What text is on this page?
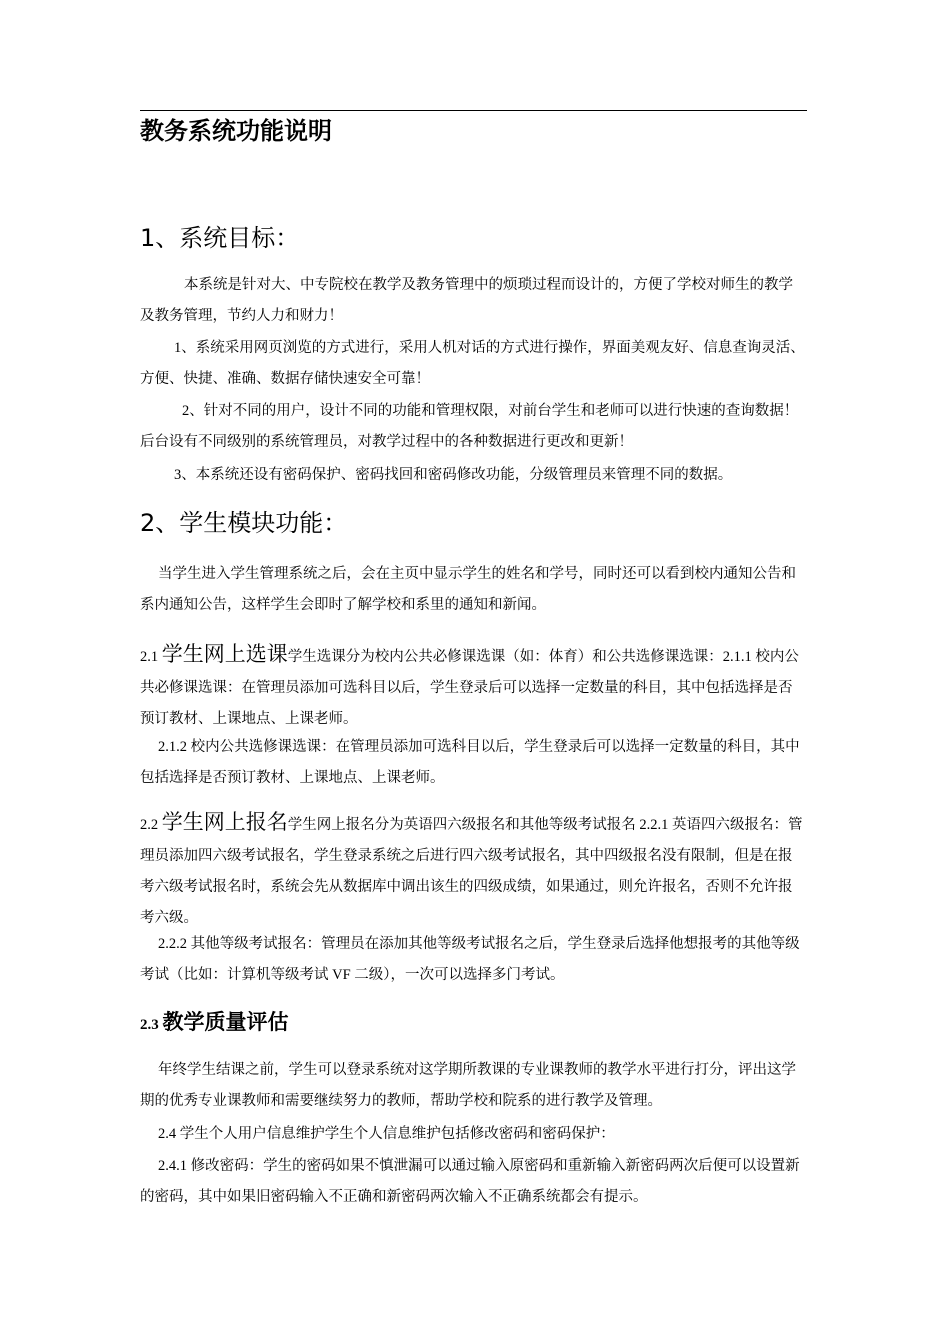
教务系统功能说明
1、系统目标：

本系统是针对大、中专院校在教学及教务管理中的烦琐过程而设计的，方便了学校对师生的教学及教务管理，节约人力和财力！

1、系统采用网页浏览的方式进行，采用人机对话的方式进行操作，界面美观友好、信息查询灵活、方便、快捷、准确、数据存储快速安全可靠！

2、针对不同的用户，设计不同的功能和管理权限，对前台学生和老师可以进行快速的查询数据！后台设有不同级别的系统管理员，对教学过程中的各种数据进行更改和更新！

3、本系统还设有密码保护、密码找回和密码修改功能，分级管理员来管理不同的数据。

2、学生模块功能：

当学生进入学生管理系统之后，会在主页中显示学生的姓名和学号，同时还可以看到校内通知公告和系内通知公告，这样学生会即时了解学校和系里的通知和新闻。

2.1 学生网上选课学生选课分为校内公共必修课选课（如：体育）和公共选修课选课：2.1.1 校内公共必修课选课：在管理员添加可选科目以后，学生登录后可以选择一定数量的科目，其中包括选择是否预订教材、上课地点、上课老师。

2.1.2 校内公共选修课选课：在管理员添加可选科目以后，学生登录后可以选择一定数量的科目，其中包括选择是否预订教材、上课地点、上课老师。

2.2 学生网上报名学生网上报名分为英语四六级报名和其他等级考试报名 2.2.1 英语四六级报名：管理员添加四六级考试报名，学生登录系统之后进行四六级考试报名，其中四级报名没有限制，但是在报考六级考试报名时，系统会先从数据库中调出该生的四级成绩，如果通过，则允许报名，否则不允许报考六级。

2.2.2 其他等级考试报名：管理员在添加其他等级考试报名之后，学生登录后选择他想报考的其他等级考试（比如：计算机等级考试 VF 二级），一次可以选择多门考试。

2.3 教学质量评估

年终学生结课之前，学生可以登录系统对这学期所教课的专业课教师的教学水平进行打分，评出这学期的优秀专业课教师和需要继续努力的教师，帮助学校和院系的进行教学及管理。

2.4 学生个人用户信息维护学生个人信息维护包括修改密码和密码保护：

2.4.1 修改密码：学生的密码如果不慎泄漏可以通过输入原密码和重新输入新密码两次后便可以设置新的密码，其中如果旧密码输入不正确和新密码两次输入不正确系统都会有提示。
